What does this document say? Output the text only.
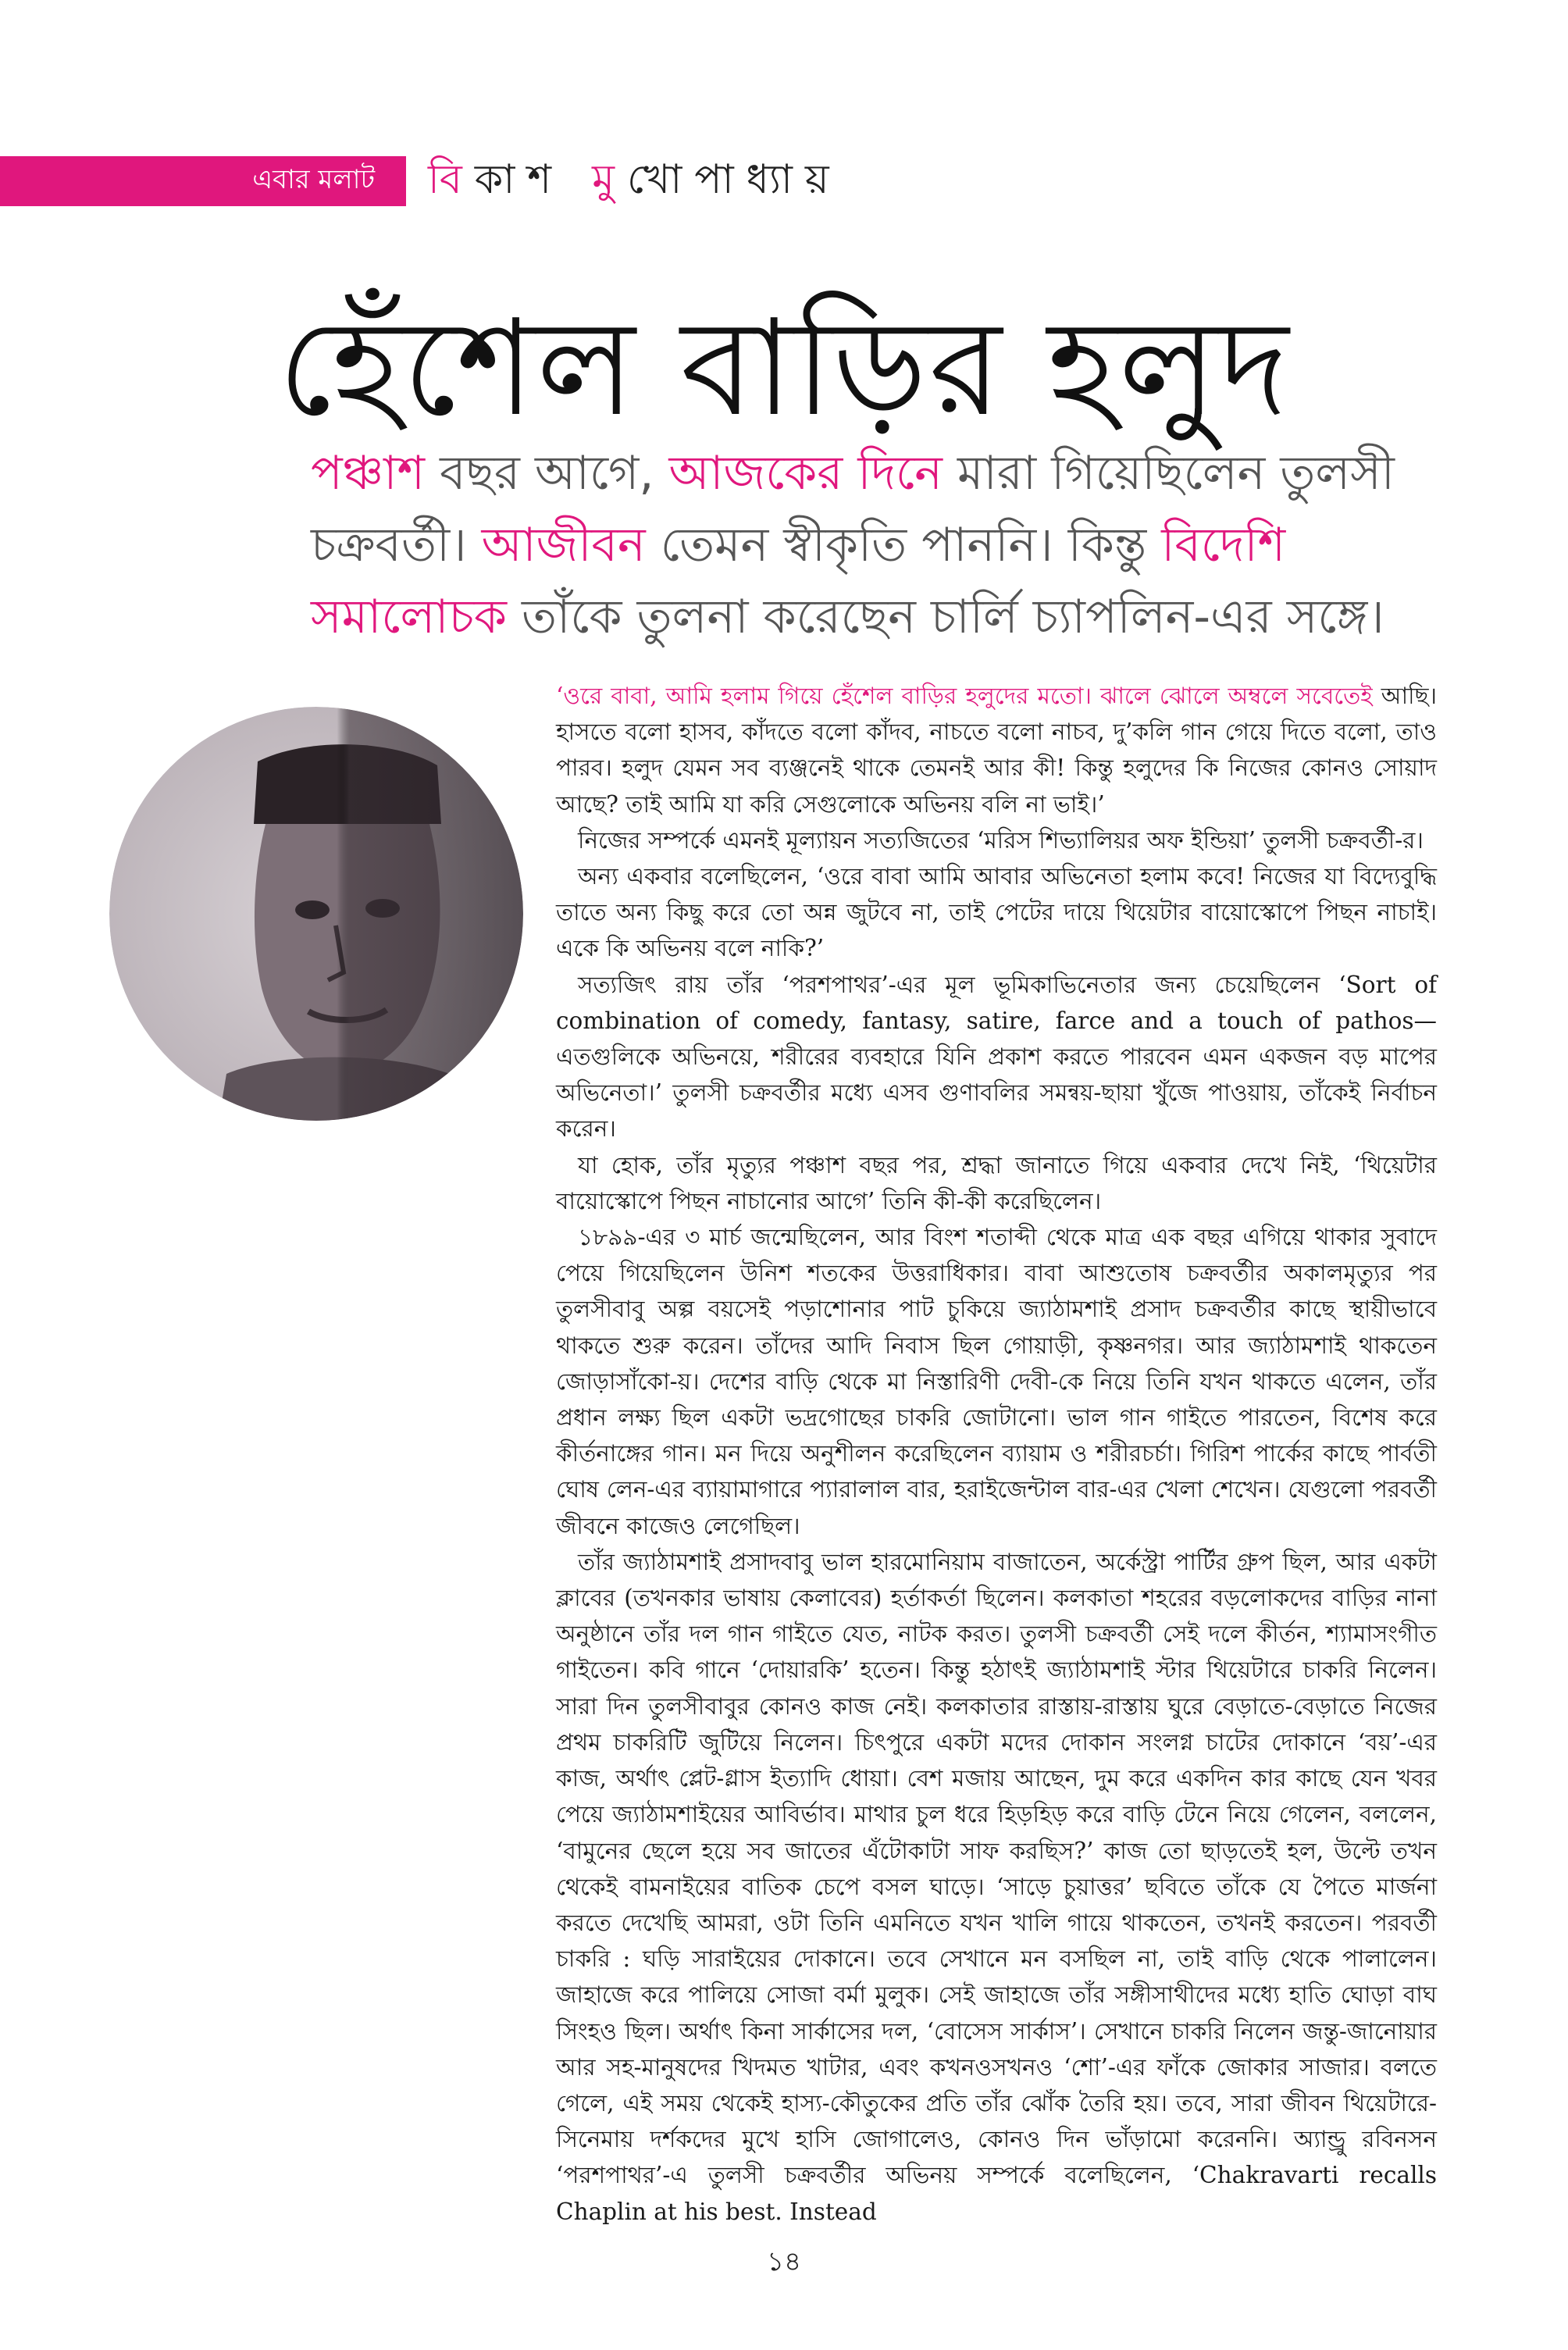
এবার মলাট	বি কা শ মু খো পা ধ্যা য়
হেঁশেল বাড়ির হলুদ
পঞ্চাশ বছর আগে, আজকের দিনে মারা গিয়েছিলেন তুলসী চক্রবর্তী। আজীবন তেমন স্বীকৃতি পাননি। কিন্তু বিদেশি সমালোচক তাঁকে তুলনা করেছেন চার্লি চ্যাপলিন-এর সঙ্গে।

‘ওরে বাবা, আমি হলাম গিয়ে হেঁশেল বাড়ির হলুদের মতো। ঝালে ঝোলে অম্বলে সবেতেই আছি। হাসতে বলো হাসব, কাঁদতে বলো কাঁদব, নাচতে বলো নাচব, দু’কলি গান গেয়ে দিতে বলো, তাও পারব। হলুদ যেমন সব ব্যঞ্জনেই থাকে তেমনই আর কী! কিন্তু হলুদের কি নিজের কোনও সোয়াদ আছে? তাই আমি যা করি সেগুলোকে অভিনয় বলি না ভাই।’

নিজের সম্পর্কে এমনই মূল্যায়ন সত্যজিতের ‘মরিস শিভ্যালিয়র অফ ইন্ডিয়া’ তুলসী চক্রবর্তী-র।

অন্য একবার বলেছিলেন, ‘ওরে বাবা আমি আবার অভিনেতা হলাম কবে! নিজের যা বিদ্যেবুদ্ধি তাতে অন্য কিছু করে তো অন্ন জুটবে না, তাই পেটের দায়ে থিয়েটার বায়োস্কোপে পিছন নাচাই। একে কি অভিনয় বলে নাকি?’

সত্যজিৎ রায় তাঁর ‘পরশপাথর’-এর মূল ভূমিকাভিনেতার জন্য চেয়েছিলেন ‘Sort of combination of comedy, fantasy, satire, farce and a touch of pathos—এতগুলিকে অভিনয়ে, শরীরের ব্যবহারে যিনি প্রকাশ করতে পারবেন এমন একজন বড় মাপের অভিনেতা।’ তুলসী চক্রবর্তীর মধ্যে এসব গুণাবলির সমন্বয়-ছায়া খুঁজে পাওয়ায়, তাঁকেই নির্বাচন করেন।

যা হোক, তাঁর মৃত্যুর পঞ্চাশ বছর পর, শ্রদ্ধা জানাতে গিয়ে একবার দেখে নিই, ‘থিয়েটার বায়োস্কোপে পিছন নাচানোর আগে’ তিনি কী-কী করেছিলেন।

১৮৯৯-এর ৩ মার্চ জন্মেছিলেন, আর বিংশ শতাব্দী থেকে মাত্র এক বছর এগিয়ে থাকার সুবাদে পেয়ে গিয়েছিলেন উনিশ শতকের উত্তরাধিকার। বাবা আশুতোষ চক্রবর্তীর অকালমৃত্যুর পর তুলসীবাবু অল্প বয়সেই পড়াশোনার পাট চুকিয়ে জ্যাঠামশাই প্রসাদ চক্রবর্তীর কাছে স্থায়ীভাবে থাকতে শুরু করেন। তাঁদের আদি নিবাস ছিল গোয়াড়ী, কৃষ্ণনগর। আর জ্যাঠামশাই থাকতেন জোড়াসাঁকো-য়। দেশের বাড়ি থেকে মা নিস্তারিণী দেবী-কে নিয়ে তিনি যখন থাকতে এলেন, তাঁর প্রধান লক্ষ্য ছিল একটা ভদ্রগোছের চাকরি জোটানো। ভাল গান গাইতে পারতেন, বিশেষ করে কীর্তনাঙ্গের গান। মন দিয়ে অনুশীলন করেছিলেন ব্যায়াম ও শরীরচর্চা। গিরিশ পার্কের কাছে পার্বতী ঘোষ লেন-এর ব্যায়ামাগারে প্যারালাল বার, হরাইজেন্টাল বার-এর খেলা শেখেন। যেগুলো পরবর্তী জীবনে কাজেও লেগেছিল।

তাঁর জ্যাঠামশাই প্রসাদবাবু ভাল হারমোনিয়াম বাজাতেন, অর্কেস্ট্রা পার্টির গ্রুপ ছিল, আর একটা ক্লাবের (তখনকার ভাষায় কেলাবের) হর্তাকর্তা ছিলেন। কলকাতা শহরের বড়লোকদের বাড়ির নানা অনুষ্ঠানে তাঁর দল গান গাইতে যেত, নাটক করত। তুলসী চক্রবর্তী সেই দলে কীর্তন, শ্যামাসংগীত গাইতেন। কবি গানে ‘দোয়ারকি’ হতেন। কিন্তু হঠাৎই জ্যাঠামশাই স্টার থিয়েটারে চাকরি নিলেন। সারা দিন তুলসীবাবুর কোনও কাজ নেই। কলকাতার রাস্তায়-রাস্তায় ঘুরে বেড়াতে-বেড়াতে নিজের প্রথম চাকরিটি জুটিয়ে নিলেন। চিৎপুরে একটা মদের দোকান সংলগ্ন চাটের দোকানে ‘বয়’-এর কাজ, অর্থাৎ প্লেট-গ্লাস ইত্যাদি ধোয়া। বেশ মজায় আছেন, দুম করে একদিন কার কাছে যেন খবর পেয়ে জ্যাঠামশাইয়ের আবির্ভাব। মাথার চুল ধরে হিড়হিড় করে বাড়ি টেনে নিয়ে গেলেন, বললেন, ‘বামুনের ছেলে হয়ে সব জাতের এঁটোকাটা সাফ করছিস?’ কাজ তো ছাড়তেই হল, উল্টে তখন থেকেই বামনাইয়ের বাতিক চেপে বসল ঘাড়ে। ‘সাড়ে চুয়াত্তর’ ছবিতে তাঁকে যে পৈতে মার্জনা করতে দেখেছি আমরা, ওটা তিনি এমনিতে যখন খালি গায়ে থাকতেন, তখনই করতেন। পরবর্তী চাকরি : ঘড়ি সারাইয়ের দোকানে। তবে সেখানে মন বসছিল না, তাই বাড়ি থেকে পালালেন। জাহাজে করে পালিয়ে সোজা বর্মা মুলুক। সেই জাহাজে তাঁর সঙ্গীসাথীদের মধ্যে হাতি ঘোড়া বাঘ সিংহও ছিল। অর্থাৎ কিনা সার্কাসের দল, ‘বোসেস সার্কাস’। সেখানে চাকরি নিলেন জন্তু-জানোয়ার আর সহ-মানুষদের খিদমত খাটার, এবং কখনওসখনও ‘শো’-এর ফাঁকে জোকার সাজার। বলতে গেলে, এই সময় থেকেই হাস্য-কৌতুকের প্রতি তাঁর ঝোঁক তৈরি হয়। তবে, সারা জীবন থিয়েটারে-সিনেমায় দর্শকদের মুখে হাসি জোগালেও, কোনও দিন ভাঁড়ামো করেননি। অ্যান্ড্রু রবিনসন ‘পরশপাথর’-এ তুলসী চক্রবর্তীর অভিনয় সম্পর্কে বলেছিলেন, ‘Chakravarti recalls Chaplin at his best. Instead

১৪
